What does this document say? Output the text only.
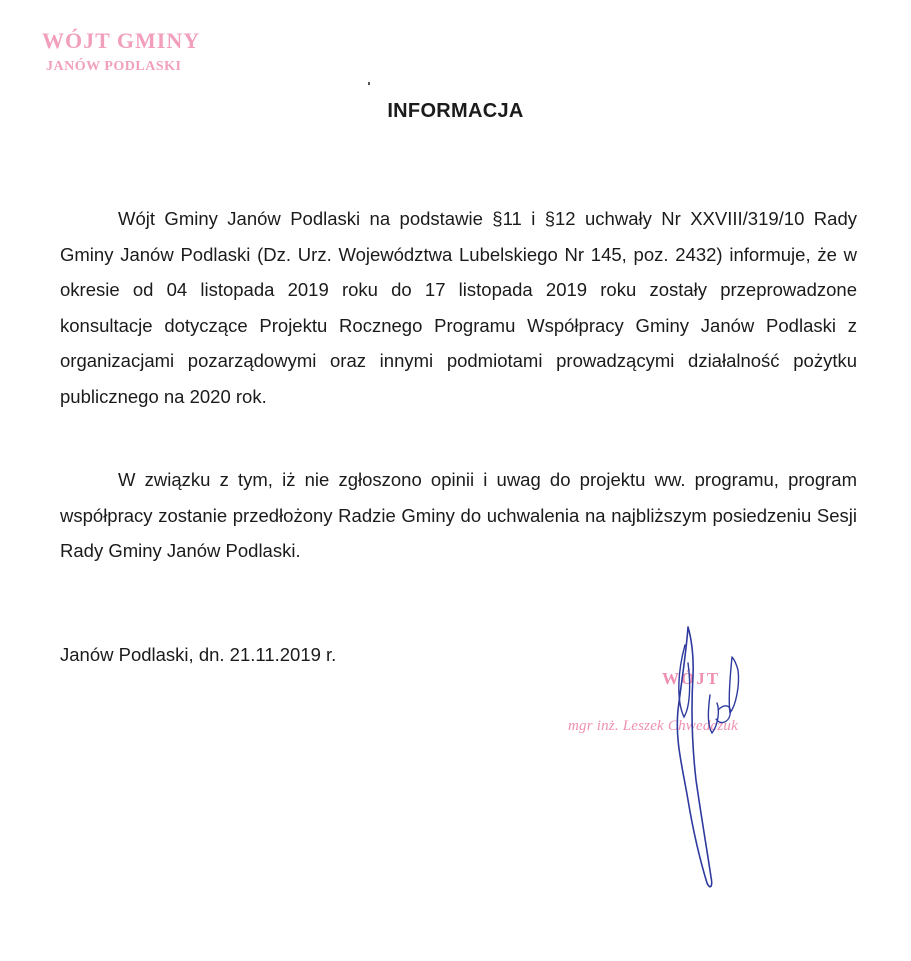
WÓJT GMINY
JANÓW PODLASKI
INFORMACJA

Wójt Gminy Janów Podlaski na podstawie §11 i §12 uchwały Nr XXVIII/319/10 Rady Gminy Janów Podlaski (Dz. Urz. Województwa Lubelskiego Nr 145, poz. 2432) informuje, że w okresie od 04 listopada 2019 roku do 17 listopada 2019 roku zostały przeprowadzone konsultacje dotyczące Projektu Rocznego Programu Współpracy Gminy Janów Podlaski z organizacjami pozarządowymi oraz innymi podmiotami prowadzącymi działalność pożytku publicznego na 2020 rok.

W związku z tym, iż nie zgłoszono opinii i uwag do projektu ww. programu, program współpracy zostanie przedłożony Radzie Gminy do uchwalenia na najbliższym posiedzeniu Sesji Rady Gminy Janów Podlaski.

Janów Podlaski, dn. 21.11.2019 r.
WÓJT
mgr inż. Leszek Chwedczuk
